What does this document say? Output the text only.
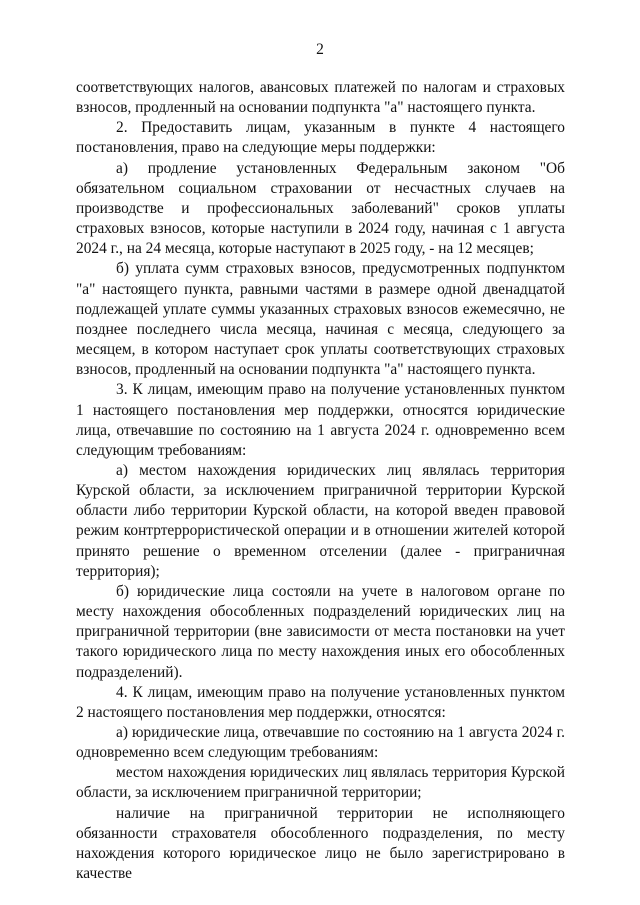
2

соответствующих налогов, авансовых платежей по налогам и страховых взносов, продленный на основании подпункта "а" настоящего пункта.

2. Предоставить лицам, указанным в пункте 4 настоящего постановления, право на следующие меры поддержки:

а) продление установленных Федеральным законом "Об обязательном социальном страховании от несчастных случаев на производстве и профессиональных заболеваний" сроков уплаты страховых взносов, которые наступили в 2024 году, начиная с 1 августа 2024 г., на 24 месяца, которые наступают в 2025 году, - на 12 месяцев;

б) уплата сумм страховых взносов, предусмотренных подпунктом "а" настоящего пункта, равными частями в размере одной двенадцатой подлежащей уплате суммы указанных страховых взносов ежемесячно, не позднее последнего числа месяца, начиная с месяца, следующего за месяцем, в котором наступает срок уплаты соответствующих страховых взносов, продленный на основании подпункта "а" настоящего пункта.

3. К лицам, имеющим право на получение установленных пунктом 1 настоящего постановления мер поддержки, относятся юридические лица, отвечавшие по состоянию на 1 августа 2024 г. одновременно всем следующим требованиям:

а) местом нахождения юридических лиц являлась территория Курской области, за исключением приграничной территории Курской области либо территории Курской области, на которой введен правовой режим контртеррористической операции и в отношении жителей которой принято решение о временном отселении (далее - приграничная территория);

б) юридические лица состояли на учете в налоговом органе по месту нахождения обособленных подразделений юридических лиц на приграничной территории (вне зависимости от места постановки на учет такого юридического лица по месту нахождения иных его обособленных подразделений).

4. К лицам, имеющим право на получение установленных пунктом 2 настоящего постановления мер поддержки, относятся:

а) юридические лица, отвечавшие по состоянию на 1 августа 2024 г. одновременно всем следующим требованиям:

местом нахождения юридических лиц являлась территория Курской области, за исключением приграничной территории;

наличие на приграничной территории не исполняющего обязанности страхователя обособленного подразделения, по месту нахождения которого юридическое лицо не было зарегистрировано в качестве
